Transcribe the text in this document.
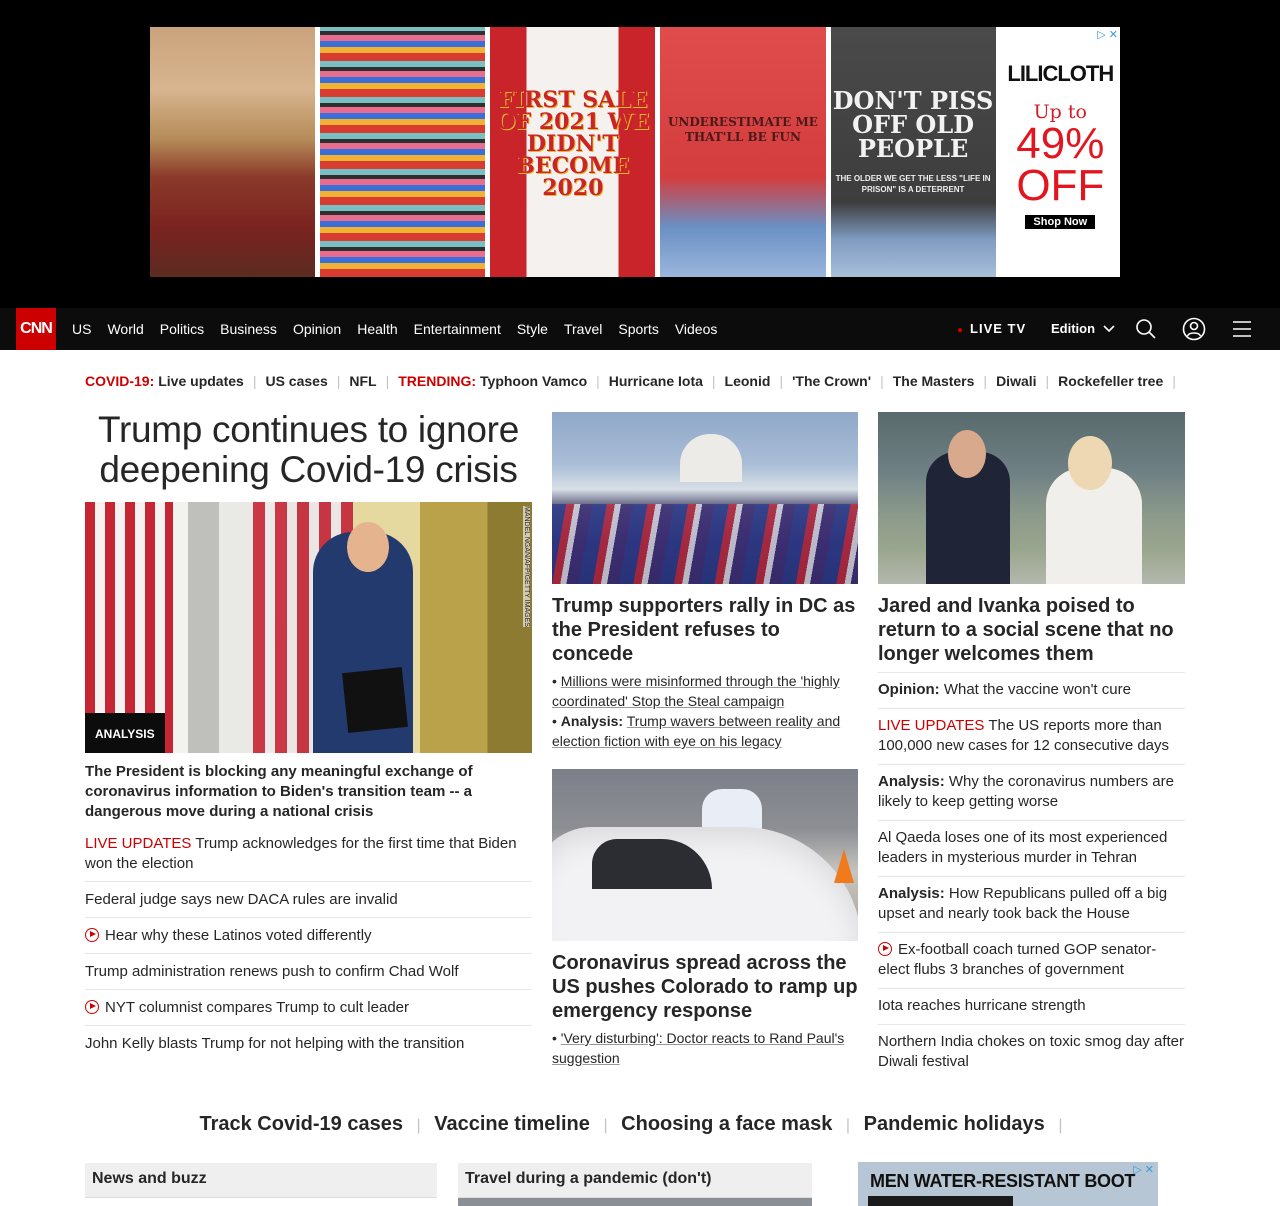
FIRST SALE OF 2021 WE DIDN'T BECOME 2020
UNDERESTIMATE ME THAT'LL BE FUN
DON'T PISS OFF OLD PEOPLE
THE OLDER WE GET THE LESS "LIFE IN PRISON" IS A DETERRENT
▷ ✕
LILICLOTH
Up to
49%
OFF
Shop Now
CNN US World Politics Business Opinion Health Entertainment Style Travel Sports Videos	● LIVE TV Edition
COVID-19: Live updates | US cases | NFL | TRENDING: Typhoon Vamco | Hurricane Iota | Leonid | 'The Crown' | The Masters | Diwali | Rockefeller tree |
Trump continues to ignore deepening Covid-19 crisis
MANDEL NGAN/AFP/GETTY IMAGES
ANALYSIS
The President is blocking any meaningful exchange of coronavirus information to Biden's transition team -- a dangerous move during a national crisis
LIVE UPDATES Trump acknowledges for the first time that Biden won the election
Federal judge says new DACA rules are invalid
Hear why these Latinos voted differently
Trump administration renews push to confirm Chad Wolf
NYT columnist compares Trump to cult leader
John Kelly blasts Trump for not helping with the transition
Trump supporters rally in DC as the President refuses to concede
• Millions were misinformed through the 'highly coordinated' Stop the Steal campaign
• Analysis: Trump wavers between reality and election fiction with eye on his legacy
Coronavirus spread across the US pushes Colorado to ramp up emergency response
• 'Very disturbing': Doctor reacts to Rand Paul's suggestion
Jared and Ivanka poised to return to a social scene that no longer welcomes them
Opinion: What the vaccine won't cure
LIVE UPDATES The US reports more than 100,000 new cases for 12 consecutive days
Analysis: Why the coronavirus numbers are likely to keep getting worse
Al Qaeda loses one of its most experienced leaders in mysterious murder in Tehran
Analysis: How Republicans pulled off a big upset and nearly took back the House
Ex-football coach turned GOP senator-elect flubs 3 branches of government
Iota reaches hurricane strength
Northern India chokes on toxic smog day after Diwali festival
Track Covid-19 cases | Vaccine timeline | Choosing a face mask | Pandemic holidays |
News and buzz	Travel during a pandemic (don't)	MEN WATER-RESISTANT BOOT
▷ ✕
